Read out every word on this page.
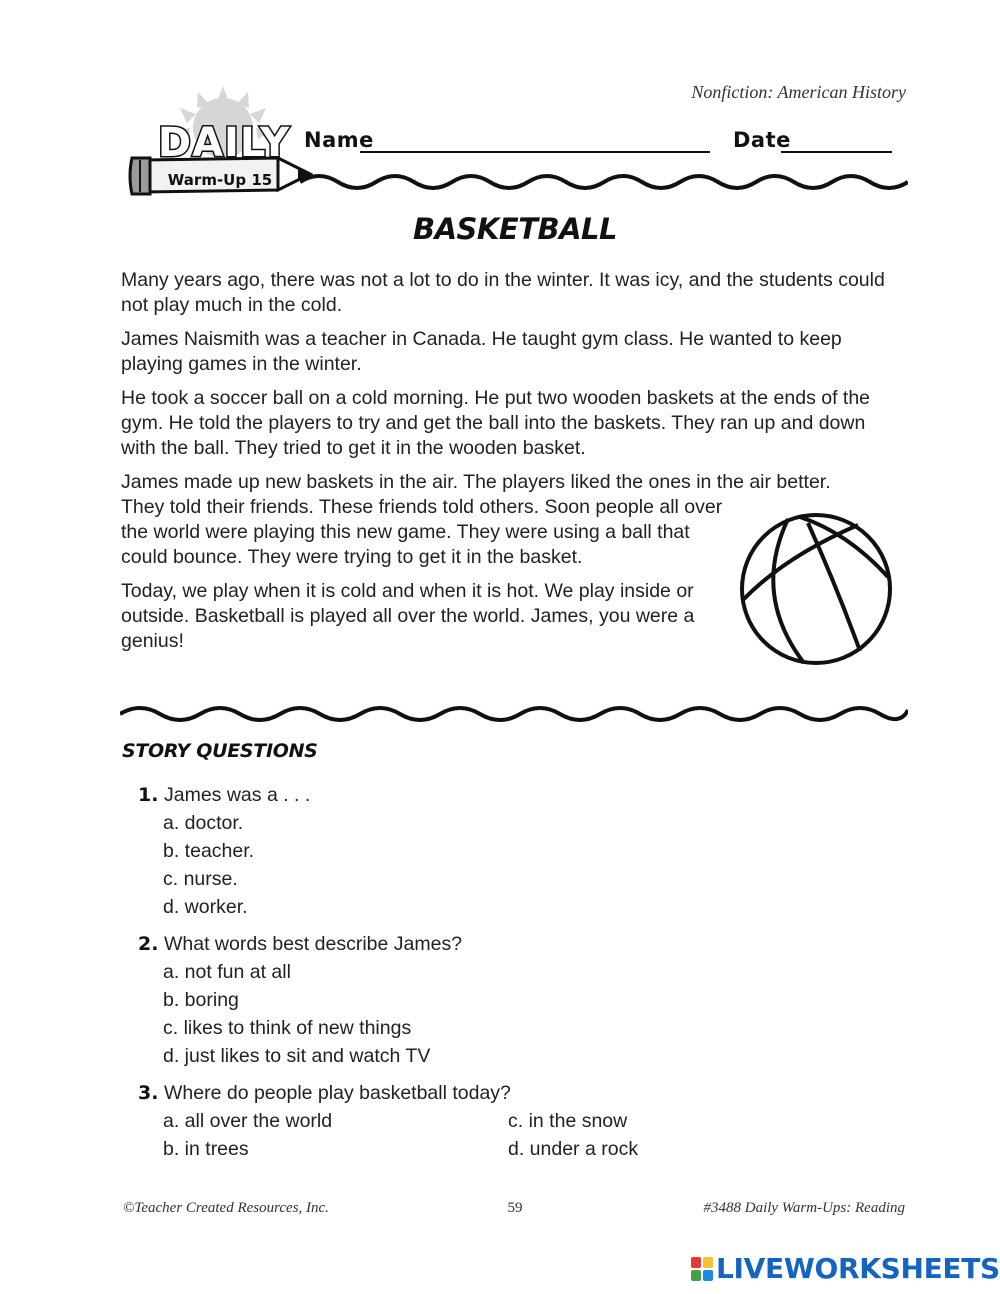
Nonfiction: American History
DAILY
Warm-Up 15
Name	Date
BASKETBALL

Many years ago, there was not a lot to do in the winter. It was icy, and the students could not play much in the cold.

James Naismith was a teacher in Canada. He taught gym class. He wanted to keep playing games in the winter.

He took a soccer ball on a cold morning. He put two wooden baskets at the ends of the gym. He told the players to try and get the ball into the baskets. They ran up and down with the ball. They tried to get it in the wooden basket.

James made up new baskets in the air. The players liked the ones in the air better.

They told their friends. These friends told others. Soon people all over the world were playing this new game. They were using a ball that could bounce. They were trying to get it in the basket.

Today, we play when it is cold and when it is hot. We play inside or outside. Basketball is played all over the world. James, you were a genius!

STORY QUESTIONS
1. James was a . . .
a. doctor.
b. teacher.
c. nurse.
d. worker.
2. What words best describe James?
a. not fun at all
b. boring
c. likes to think of new things
d. just likes to sit and watch TV
3. Where do people play basketball today?
a. all over the world	c. in the snow
b. in trees	d. under a rock
©Teacher Created Resources, Inc.	59	#3488 Daily Warm-Ups: Reading
LIVEWORKSHEETS
